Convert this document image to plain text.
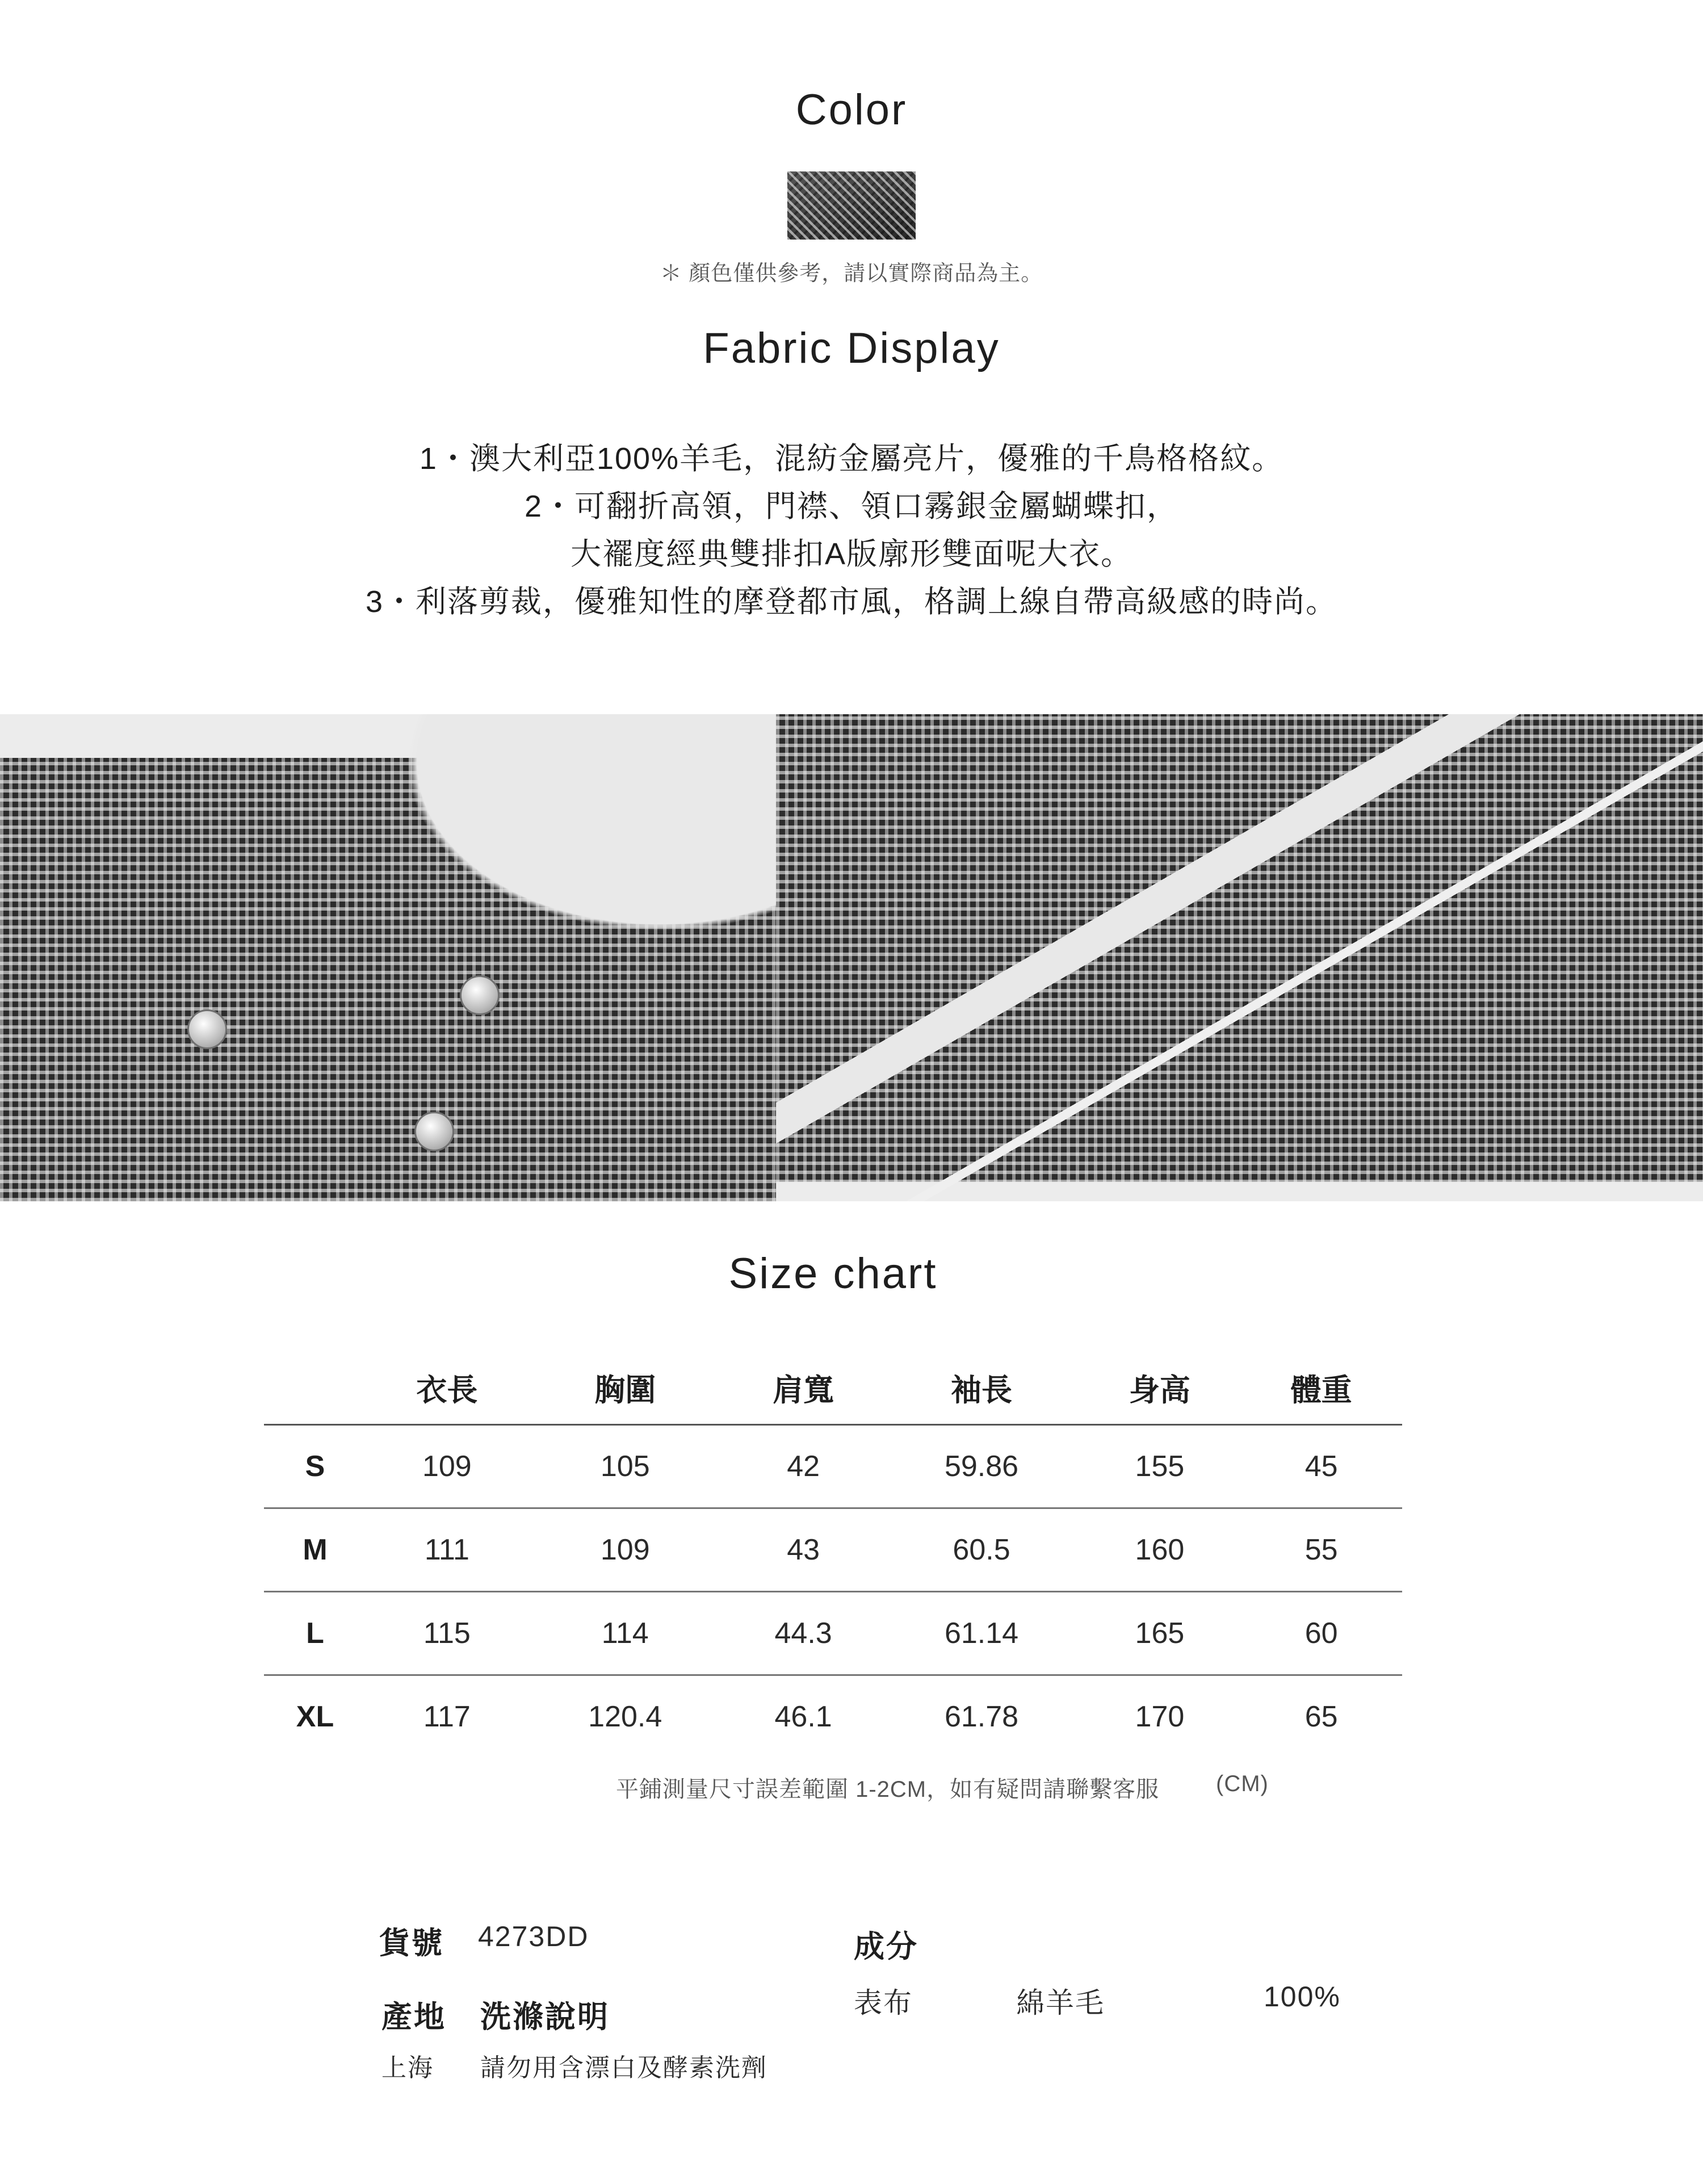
Color
＊ 顏色僅供參考，請以實際商品為主。
Fabric Display
1・澳大利亞100%羊毛，混紡金屬亮片，優雅的千鳥格格紋。
2・可翻折高領，門襟、領口霧銀金屬蝴蝶扣，
大襬度經典雙排扣A版廓形雙面呢大衣。
3・利落剪裁，優雅知性的摩登都市風，格調上線自帶高級感的時尚。
Size chart
	衣長	胸圍	肩寬	袖長	身高	體重
S	109	105	42	59.86	155	45
M	111	109	43	60.5	160	55
L	115	114	44.3	61.14	165	60
XL	117	120.4	46.1	61.78	170	65
平鋪測量尺寸誤差範圍 1-2CM，如有疑問請聯繫客服 (CM)
貨號 4273DD
產地 洗滌說明
上海 請勿用含漂白及酵素洗劑
成分
表布	綿羊毛	100%
